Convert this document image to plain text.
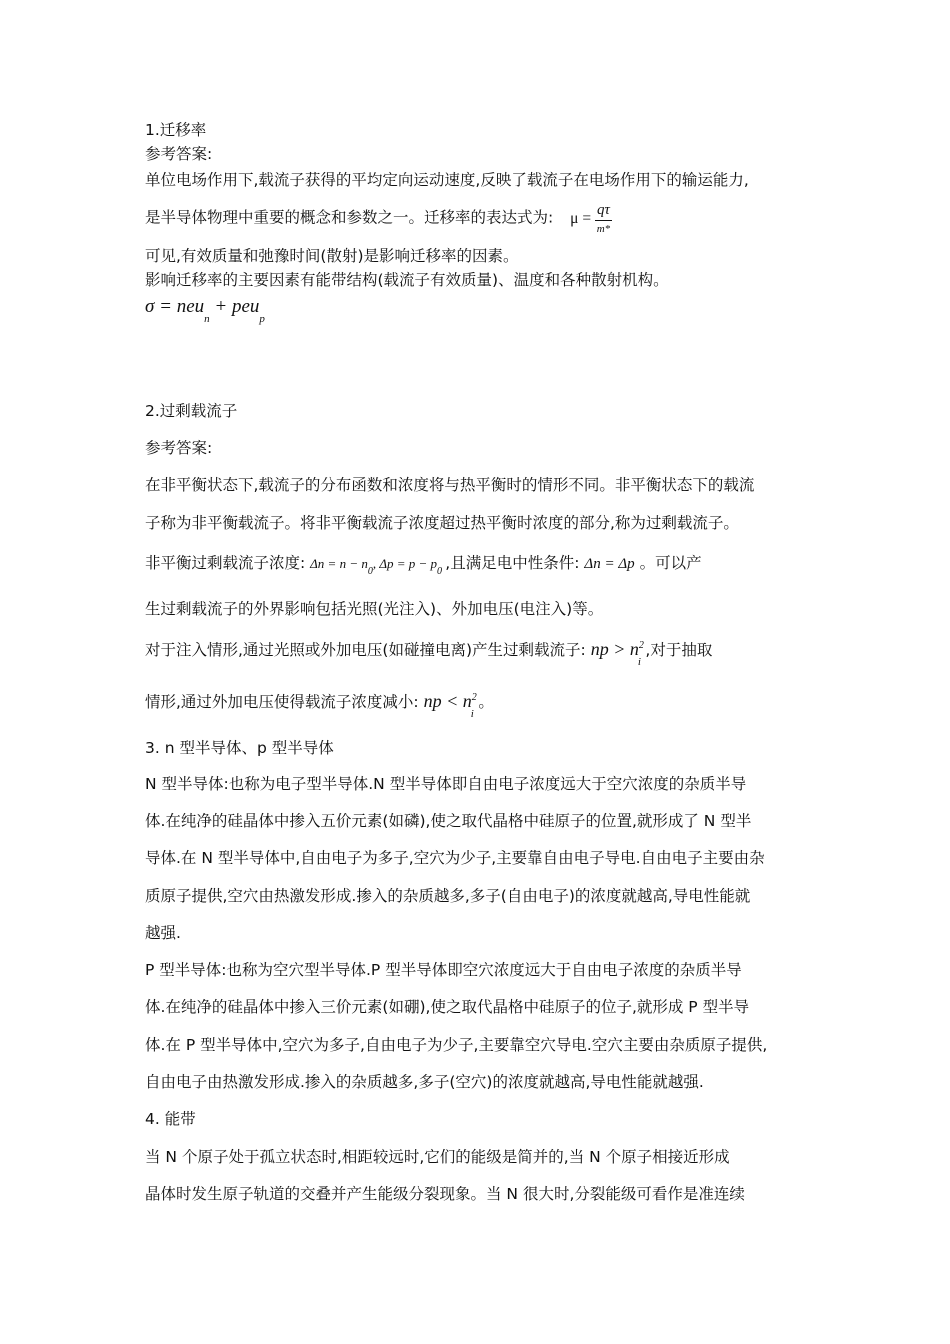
1.迁移率
参考答案:
单位电场作用下,载流子获得的平均定向运动速度,反映了载流子在电场作用下的输运能力,
是半导体物理中重要的概念和参数之一。迁移率的表达式为: $\mu = \frac{q\tau}{m*}$
可见,有效质量和弛豫时间(散射)是影响迁移率的因素。
影响迁移率的主要因素有能带结构(载流子有效质量)、温度和各种散射机构。
σ = neu$_n$ + peu$_p$
2.过剩载流子
参考答案:
在非平衡状态下,载流子的分布函数和浓度将与热平衡时的情形不同。非平衡状态下的载流
子称为非平衡载流子。将非平衡载流子浓度超过热平衡时浓度的部分,称为过剩载流子。
非平衡过剩载流子浓度: $\Delta n = n - n_0$, $\Delta p = p - p_0$ ,且满足电中性条件: Δn = Δp 。可以产
生过剩载流子的外界影响包括光照(光注入)、外加电压(电注入)等。
对于注入情形,通过光照或外加电压(如碰撞电离)产生过剩载流子: np > $n^2_i$ ,对于抽取
情形,通过外加电压使得载流子浓度减小: np < $n^2_i$ 。
3. n 型半导体、p 型半导体
N 型半导体:也称为电子型半导体.N 型半导体即自由电子浓度远大于空穴浓度的杂质半导
体.在纯净的硅晶体中掺入五价元素(如磷),使之取代晶格中硅原子的位置,就形成了 N 型半
导体.在 N 型半导体中,自由电子为多子,空穴为少子,主要靠自由电子导电.自由电子主要由杂
质原子提供,空穴由热激发形成.掺入的杂质越多,多子(自由电子)的浓度就越高,导电性能就
越强.
P 型半导体:也称为空穴型半导体.P 型半导体即空穴浓度远大于自由电子浓度的杂质半导
体.在纯净的硅晶体中掺入三价元素(如硼),使之取代晶格中硅原子的位子,就形成 P 型半导
体.在 P 型半导体中,空穴为多子,自由电子为少子,主要靠空穴导电.空穴主要由杂质原子提供,
自由电子由热激发形成.掺入的杂质越多,多子(空穴)的浓度就越高,导电性能就越强.
4. 能带
当 N 个原子处于孤立状态时,相距较远时,它们的能级是简并的,当 N 个原子相接近形成
晶体时发生原子轨道的交叠并产生能级分裂现象。当 N 很大时,分裂能级可看作是准连续
